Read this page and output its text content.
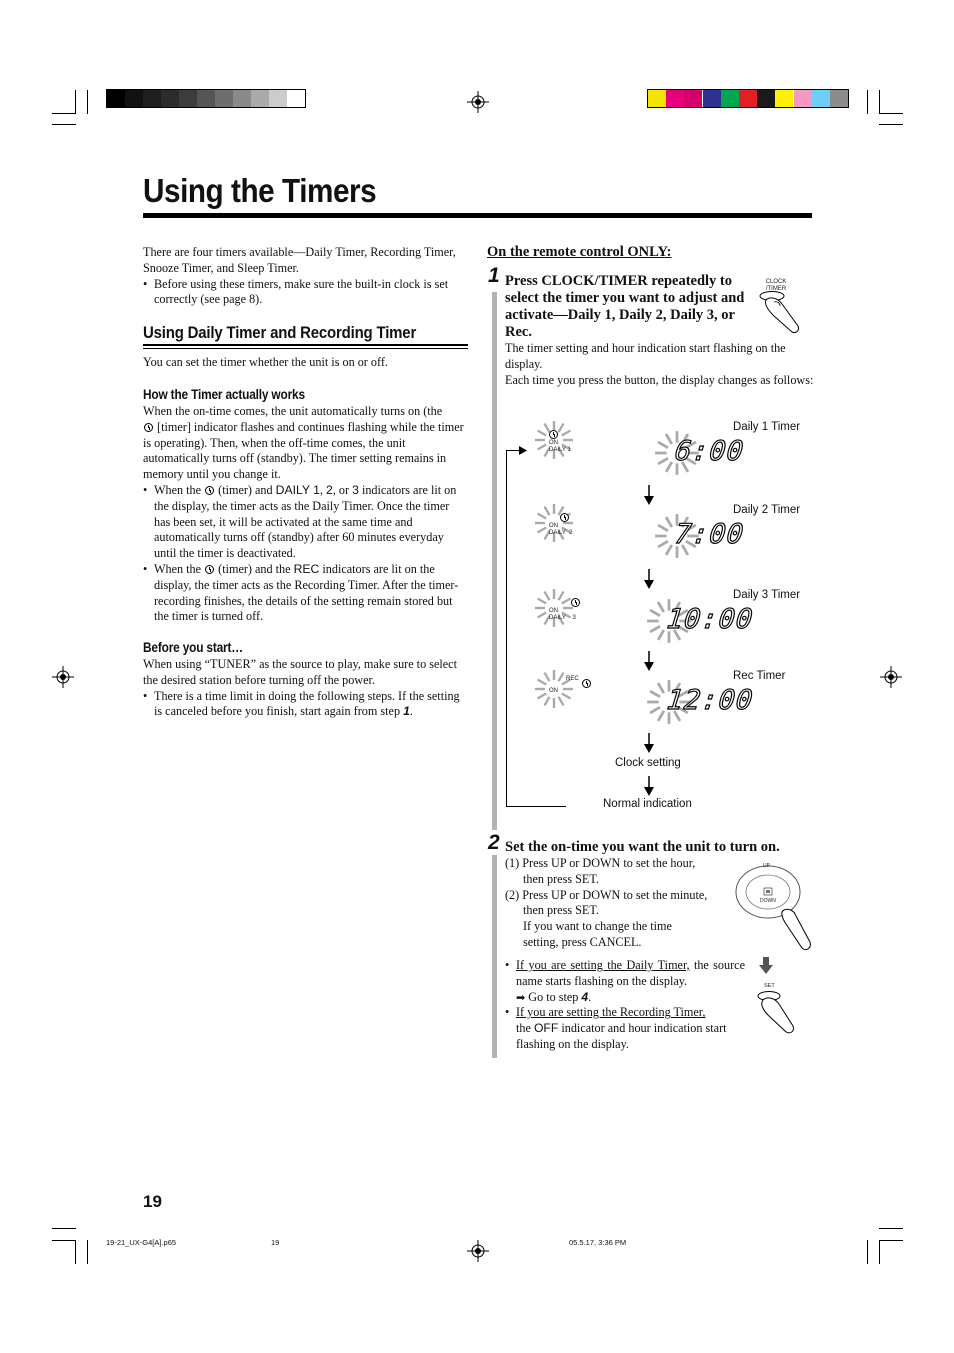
Using the Timers

There are four timers available—Daily Timer, Recording Timer, Snooze Timer, and Sleep Timer.

• Before using these timers, make sure the built-in clock is set correctly (see page 8).

Using Daily Timer and Recording Timer
You can set the timer whether the unit is on or off.
How the Timer actually works

When the on-time comes, the unit automatically turns on (the
[timer] indicator flashes and continues flashing while the timer is operating). Then, when the off-time comes, the unit automatically turns off (standby). The timer setting remains in memory until you change it.

• When the (timer) and DAILY 1, 2, or 3 indicators are lit on the display, the timer acts as the Daily Timer. Once the timer has been set, it will be activated at the same time and automatically turns off (standby) after 60 minutes everyday until the timer is deactivated.

• When the (timer) and the REC indicators are lit on the display, the timer acts as the Recording Timer. After the timer-recording finishes, the details of the setting remain stored but the timer is turned off.

Before you start…

When using “TUNER” as the source to play, make sure to select the desired station before turning off the power.

• There is a time limit in doing the following steps. If the setting is canceled before you finish, start again from step 1.

On the remote control ONLY:
1 Press CLOCK/TIMER repeatedly to select the timer you want to adjust and activate—Daily 1, Daily 2, Daily 3, or Rec.
CLOCK /TIMER

The timer setting and hour indication start flashing on the display.

Each time you press the button, the display changes as follows:

ON
DAILY 1
Daily 1 Timer
6:00
ON
DAILY  2
Daily 2 Timer
7:00
ON
DAILY    3
Daily 3 Timer
10:00
REC
ON
Rec Timer
12:00
Clock setting
Normal indication
2 Set the on-time you want the unit to turn on.

(1) Press UP or DOWN to set the hour,

then press SET.

(2) Press UP or DOWN to set the minute,

then press SET.

If you want to change the time

setting, press CANCEL.

• If you are setting the Daily Timer, the source name starts flashing on the display.
➡ Go to step 4.

• If you are setting the Recording Timer,
the OFF indicator and hour indication start flashing on the display.

UP
DOWN
SET
19
19-21_UX-G4[A].p65	19	05.5.17, 3:36 PM
